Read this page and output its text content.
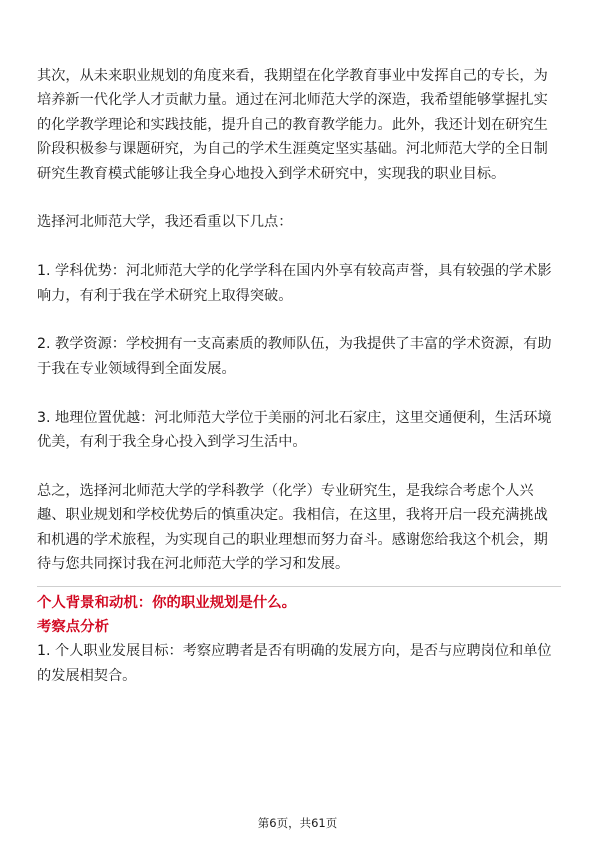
其次，从未来职业规划的角度来看，我期望在化学教育事业中发挥自己的专长，为培养新一代化学人才贡献力量。通过在河北师范大学的深造，我希望能够掌握扎实的化学教学理论和实践技能，提升自己的教育教学能力。此外，我还计划在研究生阶段积极参与课题研究，为自己的学术生涯奠定坚实基础。河北师范大学的全日制研究生教育模式能够让我全身心地投入到学术研究中，实现我的职业目标。

选择河北师范大学，我还看重以下几点：

1. 学科优势：河北师范大学的化学学科在国内外享有较高声誉，具有较强的学术影响力，有利于我在学术研究上取得突破。

2. 教学资源：学校拥有一支高素质的教师队伍，为我提供了丰富的学术资源，有助于我在专业领域得到全面发展。

3. 地理位置优越：河北师范大学位于美丽的河北石家庄，这里交通便利，生活环境优美，有利于我全身心投入到学习生活中。

总之，选择河北师范大学的学科教学（化学）专业研究生，是我综合考虑个人兴趣、职业规划和学校优势后的慎重决定。我相信，在这里，我将开启一段充满挑战和机遇的学术旅程，为实现自己的职业理想而努力奋斗。感谢您给我这个机会，期待与您共同探讨我在河北师范大学的学习和发展。

个人背景和动机：你的职业规划是什么。

考察点分析

1. 个人职业发展目标：考察应聘者是否有明确的发展方向，是否与应聘岗位和单位的发展相契合。

第6页，共61页
